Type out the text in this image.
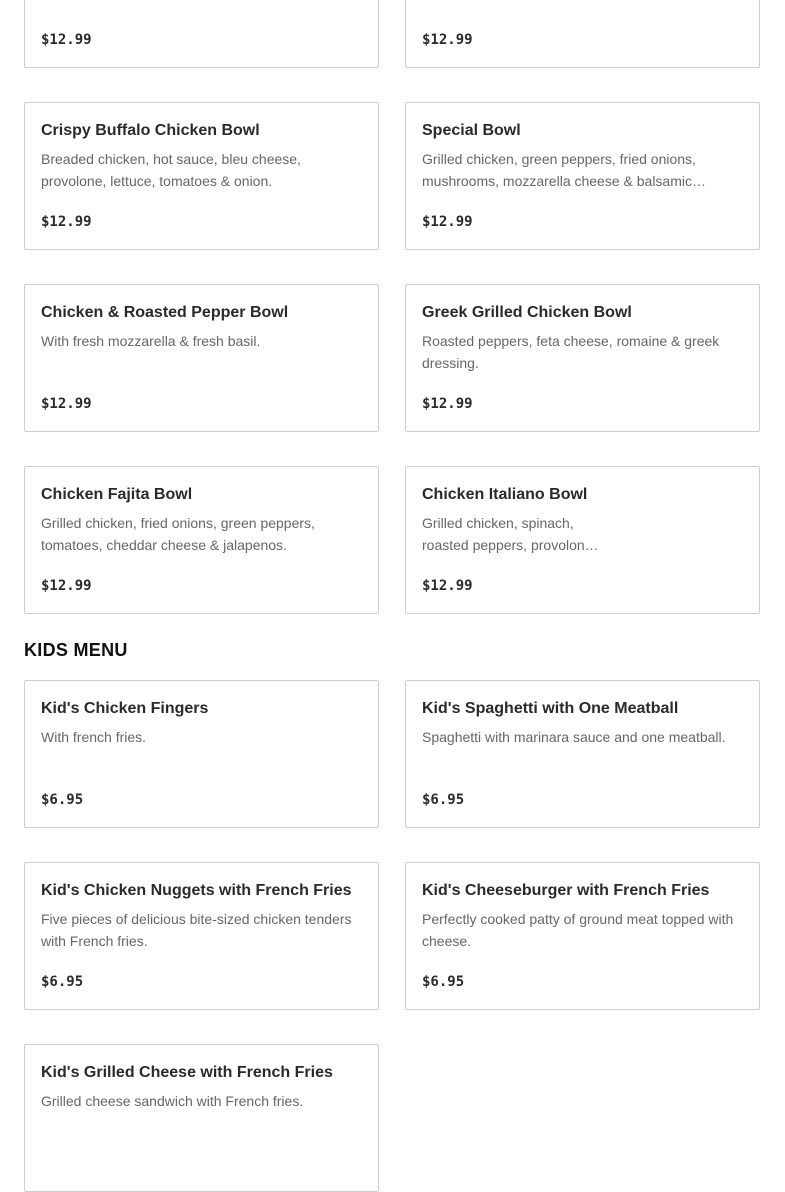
$12.99	$12.99
Crispy Buffalo Chicken Bowl
Breaded chicken, hot sauce, bleu cheese, provolone, lettuce, tomatoes & onion.
$12.99
Special Bowl
Grilled chicken, green peppers, fried onions, mushrooms, mozzarella cheese & balsamic…
$12.99
Chicken & Roasted Pepper Bowl
With fresh mozzarella & fresh basil.
$12.99
Greek Grilled Chicken Bowl
Roasted peppers, feta cheese, romaine & greek dressing.
$12.99
Chicken Fajita Bowl
Grilled chicken, fried onions, green peppers, tomatoes, cheddar cheese & jalapenos.
$12.99
Chicken Italiano Bowl
Grilled chicken, spinach, roasted peppers, provolon…
$12.99
KIDS MENU
Kid's Chicken Fingers
With french fries.
$6.95
Kid's Spaghetti with One Meatball
Spaghetti with marinara sauce and one meatball.
$6.95
Kid's Chicken Nuggets with French Fries
Five pieces of delicious bite-sized chicken tenders with French fries.
$6.95
Kid's Cheeseburger with French Fries
Perfectly cooked patty of ground meat topped with cheese.
$6.95
Kid's Grilled Cheese with French Fries
Grilled cheese sandwich with French fries.
